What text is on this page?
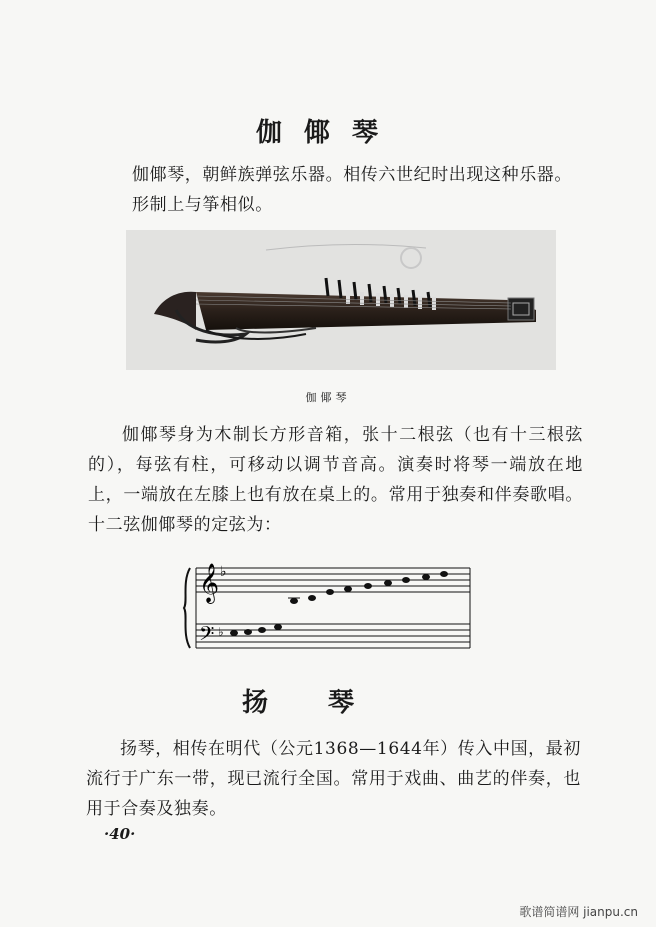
伽倻琴

伽倻琴，朝鲜族弹弦乐器。相传六世纪时出现这种乐器。形制上与筝相似。

伽倻琴

伽倻琴身为木制长方形音箱，张十二根弦（也有十三根弦的），每弦有柱，可移动以调节音高。演奏时将琴一端放在地上，一端放在左膝上也有放在桌上的。常用于独奏和伴奏歌唱。十二弦伽倻琴的定弦为：

𝄞 ♭
𝄢 ♭
扬琴

扬琴，相传在明代（公元1368—1644年）传入中国，最初流行于广东一带，现已流行全国。常用于戏曲、曲艺的伴奏，也用于合奏及独奏。

·40·
歌谱简谱网 jianpu.cn
